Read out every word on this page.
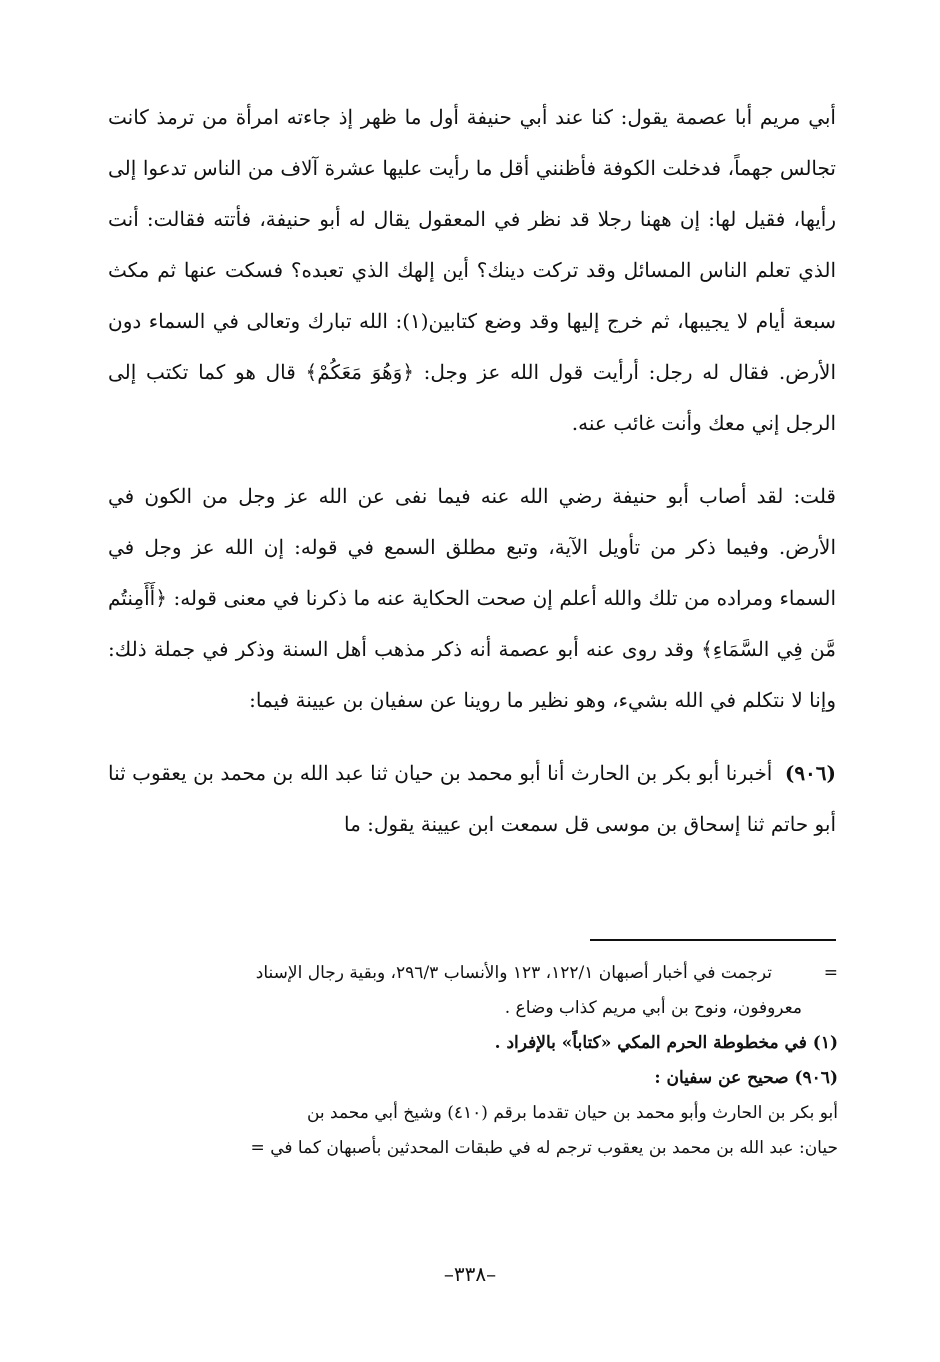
أبي مريم أبا عصمة يقول: كنا عند أبي حنيفة أول ما ظهر إذ جاءته امرأة من ترمذ كانت تجالس جهماً، فدخلت الكوفة فأظنني أقل ما رأيت عليها عشرة آلاف من الناس تدعوا إلى رأيها، فقيل لها: إن ههنا رجلا قد نظر في المعقول يقال له أبو حنيفة، فأتته فقالت: أنت الذي تعلم الناس المسائل وقد تركت دينك؟ أين إلهك الذي تعبده؟ فسكت عنها ثم مكث سبعة أيام لا يجيبها، ثم خرج إليها وقد وضع كتابين(١): الله تبارك وتعالى في السماء دون الأرض. فقال له رجل: أرأيت قول الله عز وجل: ﴿وَهُوَ مَعَكُمْ﴾ قال هو كما تكتب إلى الرجل إني معك وأنت غائب عنه.

قلت: لقد أصاب أبو حنيفة رضي الله عنه فيما نفى عن الله عز وجل من الكون في الأرض. وفيما ذكر من تأويل الآية، وتبع مطلق السمع في قوله: إن الله عز وجل في السماء ومراده من تلك والله أعلم إن صحت الحكاية عنه ما ذكرنا في معنى قوله: ﴿أَأَمِنتُم مَّن فِي السَّمَاءِ﴾ وقد روى عنه أبو عصمة أنه ذكر مذهب أهل السنة وذكر في جملة ذلك: وإنا لا نتكلم في الله بشيء، وهو نظير ما روينا عن سفيان بن عيينة فيما:

(٩٠٦) أخبرنا أبو بكر بن الحارث أنا أبو محمد بن حيان ثنا عبد الله بن محمد بن يعقوب ثنا أبو حاتم ثنا إسحاق بن موسى قل سمعت ابن عيينة يقول: ما

=ترجمت في أخبار أصبهان ١٢٢/١، ١٢٣ والأنساب ٢٩٦/٣، وبقية رجال الإسناد

معروفون، ونوح بن أبي مريم كذاب وضاع .

(١) في مخطوطة الحرم المكي «كتاباً» بالإفراد .

(٩٠٦) صحيح عن سفيان :

أبو بكر بن الحارث وأبو محمد بن حيان تقدما برقم (٤١٠) وشيخ أبي محمد بن

حيان: عبد الله بن محمد بن يعقوب ترجم له في طبقات المحدثين بأصبهان كما في =

–٣٣٨–
